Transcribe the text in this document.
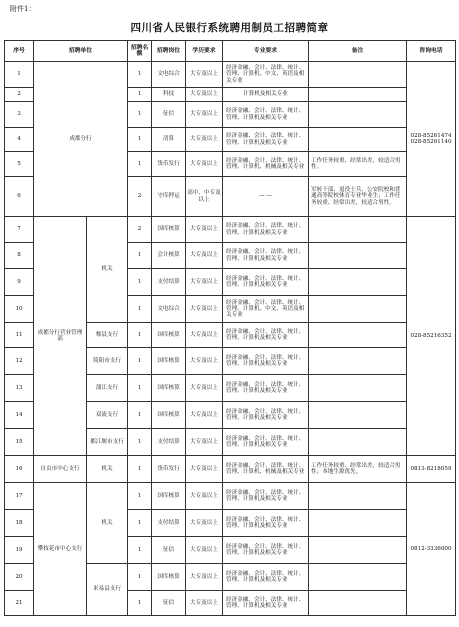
附件1：
四川省人民银行系统聘用制员工招聘简章
序号	招聘单位		招聘名额	招聘岗位	学历要求	专业要求	备注	咨询电话
1	成都分行		1	文电综合	大专及以上	经济金融、会计、法律、统计、管理、计算机、中文、英语及相关专业		028-85261474 028-85261140
2			1	科技	大专及以上	计算机及相关专业		
3			1	征信	大专及以上	经济金融、会计、法律、统计、管理、计算机及相关专业		
4			1	清算	大专及以上	经济金融、会计、法律、统计、管理、计算机及相关专业		
5			1	货币发行	大专及以上	经济金融、会计、法律、统计、管理、计算机、机械及相关专业	工作任务较重、经常出差，较适合男性。	
6			2	守库押运	高中、中专及以上	— —	军转干部、退役士兵、公安院校和普通高等院校体育专业毕业生；工作任务较重、经常出差，较适合男性。	
7	成都分行营业管理部	机关	2	国库核算	大专及以上	经济金融、会计、法律、统计、管理、计算机及相关专业		028-85216352
8			1	会计核算	大专及以上	经济金融、会计、法律、统计、管理、计算机及相关专业		
9			1	支付结算	大专及以上	经济金融、会计、法律、统计、管理、计算机及相关专业		
10			1	文电综合	大专及以上	经济金融、会计、法律、统计、管理、计算机、中文、英语及相关专业		
11		郫县支行	1	国库核算	大专及以上	经济金融、会计、法律、统计、管理、计算机及相关专业		
12		简阳市支行	1	国库核算	大专及以上	经济金融、会计、法律、统计、管理、计算机及相关专业		
13		蒲江支行	1	国库核算	大专及以上	经济金融、会计、法律、统计、管理、计算机及相关专业		
14		双流支行	1	国库核算	大专及以上	经济金融、会计、法律、统计、管理、计算机及相关专业		
15		都江堰市支行	1	支付结算	大专及以上	经济金融、会计、法律、统计、管理、计算机及相关专业		
16	自贡市中心支行	机关	1	货币发行	大专及以上	经济金融、会计、法律、统计、管理、计算机、机械及相关专业	工作任务较重、经常出差，较适合男性；本地生源优先。	0813-8218059
17	攀枝花市中心支行	机关	1	国库核算	大专及以上	经济金融、会计、法律、统计、管理、计算机及相关专业		0812-3336000
18			1	支付结算	大专及以上	经济金融、会计、法律、统计、管理、计算机及相关专业		
19			1	征信	大专及以上	经济金融、会计、法律、统计、管理、计算机及相关专业		
20		米易县支行	1	国库核算	大专及以上	经济金融、会计、法律、统计、管理、计算机及相关专业		
21			1	征信	大专及以上	经济金融、会计、法律、统计、管理、计算机及相关专业		
